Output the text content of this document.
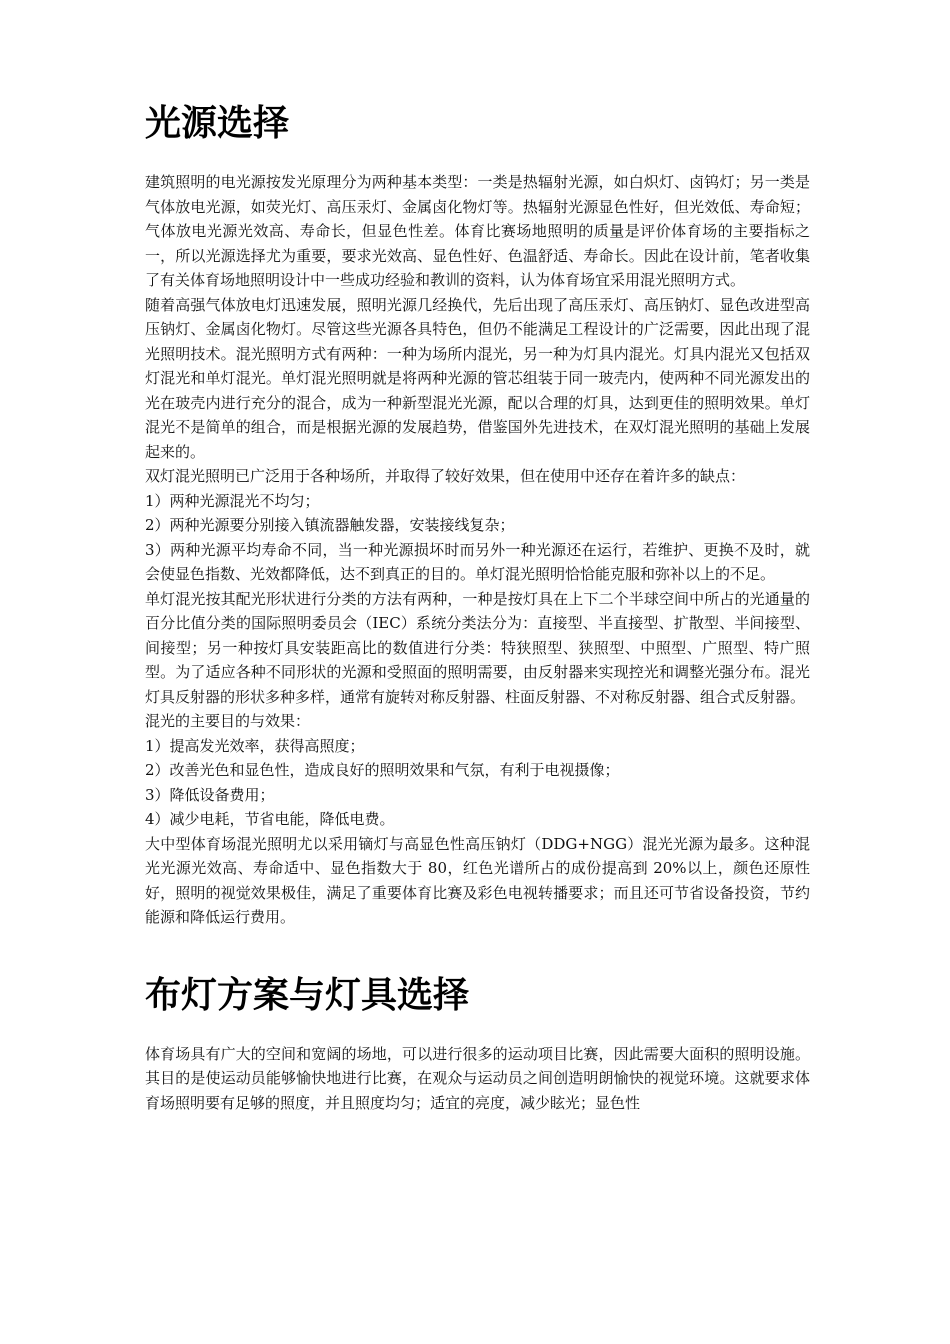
光源选择

建筑照明的电光源按发光原理分为两种基本类型：一类是热辐射光源，如白炽灯、卤钨灯；另一类是气体放电光源，如荧光灯、高压汞灯、金属卤化物灯等。热辐射光源显色性好，但光效低、寿命短；气体放电光源光效高、寿命长，但显色性差。体育比赛场地照明的质量是评价体育场的主要指标之一，所以光源选择尤为重要，要求光效高、显色性好、色温舒适、寿命长。因此在设计前，笔者收集了有关体育场地照明设计中一些成功经验和教训的资料，认为体育场宜采用混光照明方式。

随着高强气体放电灯迅速发展，照明光源几经换代，先后出现了高压汞灯、高压钠灯、显色改进型高压钠灯、金属卤化物灯。尽管这些光源各具特色，但仍不能满足工程设计的广泛需要，因此出现了混光照明技术。混光照明方式有两种：一种为场所内混光，另一种为灯具内混光。灯具内混光又包括双灯混光和单灯混光。单灯混光照明就是将两种光源的管芯组装于同一玻壳内，使两种不同光源发出的光在玻壳内进行充分的混合，成为一种新型混光光源，配以合理的灯具，达到更佳的照明效果。单灯混光不是简单的组合，而是根据光源的发展趋势，借鉴国外先进技术，在双灯混光照明的基础上发展起来的。

双灯混光照明已广泛用于各种场所，并取得了较好效果，但在使用中还存在着许多的缺点：

1）两种光源混光不均匀；

2）两种光源要分别接入镇流器触发器，安装接线复杂；

3）两种光源平均寿命不同，当一种光源损坏时而另外一种光源还在运行，若维护、更换不及时，就会使显色指数、光效都降低，达不到真正的目的。单灯混光照明恰恰能克服和弥补以上的不足。

单灯混光按其配光形状进行分类的方法有两种，一种是按灯具在上下二个半球空间中所占的光通量的百分比值分类的国际照明委员会（IEC）系统分类法分为：直接型、半直接型、扩散型、半间接型、间接型；另一种按灯具安装距高比的数值进行分类：特狭照型、狭照型、中照型、广照型、特广照型。为了适应各种不同形状的光源和受照面的照明需要，由反射器来实现控光和调整光强分布。混光灯具反射器的形状多种多样，通常有旋转对称反射器、柱面反射器、不对称反射器、组合式反射器。

混光的主要目的与效果：

1）提高发光效率，获得高照度；

2）改善光色和显色性，造成良好的照明效果和气氛，有利于电视摄像；

3）降低设备费用；

4）减少电耗，节省电能，降低电费。

大中型体育场混光照明尤以采用镝灯与高显色性高压钠灯（DDG+NGG）混光光源为最多。这种混光光源光效高、寿命适中、显色指数大于 80，红色光谱所占的成份提高到 20%以上，颜色还原性好，照明的视觉效果极佳，满足了重要体育比赛及彩色电视转播要求；而且还可节省设备投资，节约能源和降低运行费用。

布灯方案与灯具选择

体育场具有广大的空间和宽阔的场地，可以进行很多的运动项目比赛，因此需要大面积的照明设施。其目的是使运动员能够愉快地进行比赛，在观众与运动员之间创造明朗愉快的视觉环境。这就要求体育场照明要有足够的照度，并且照度均匀；适宜的亮度，减少眩光；显色性
